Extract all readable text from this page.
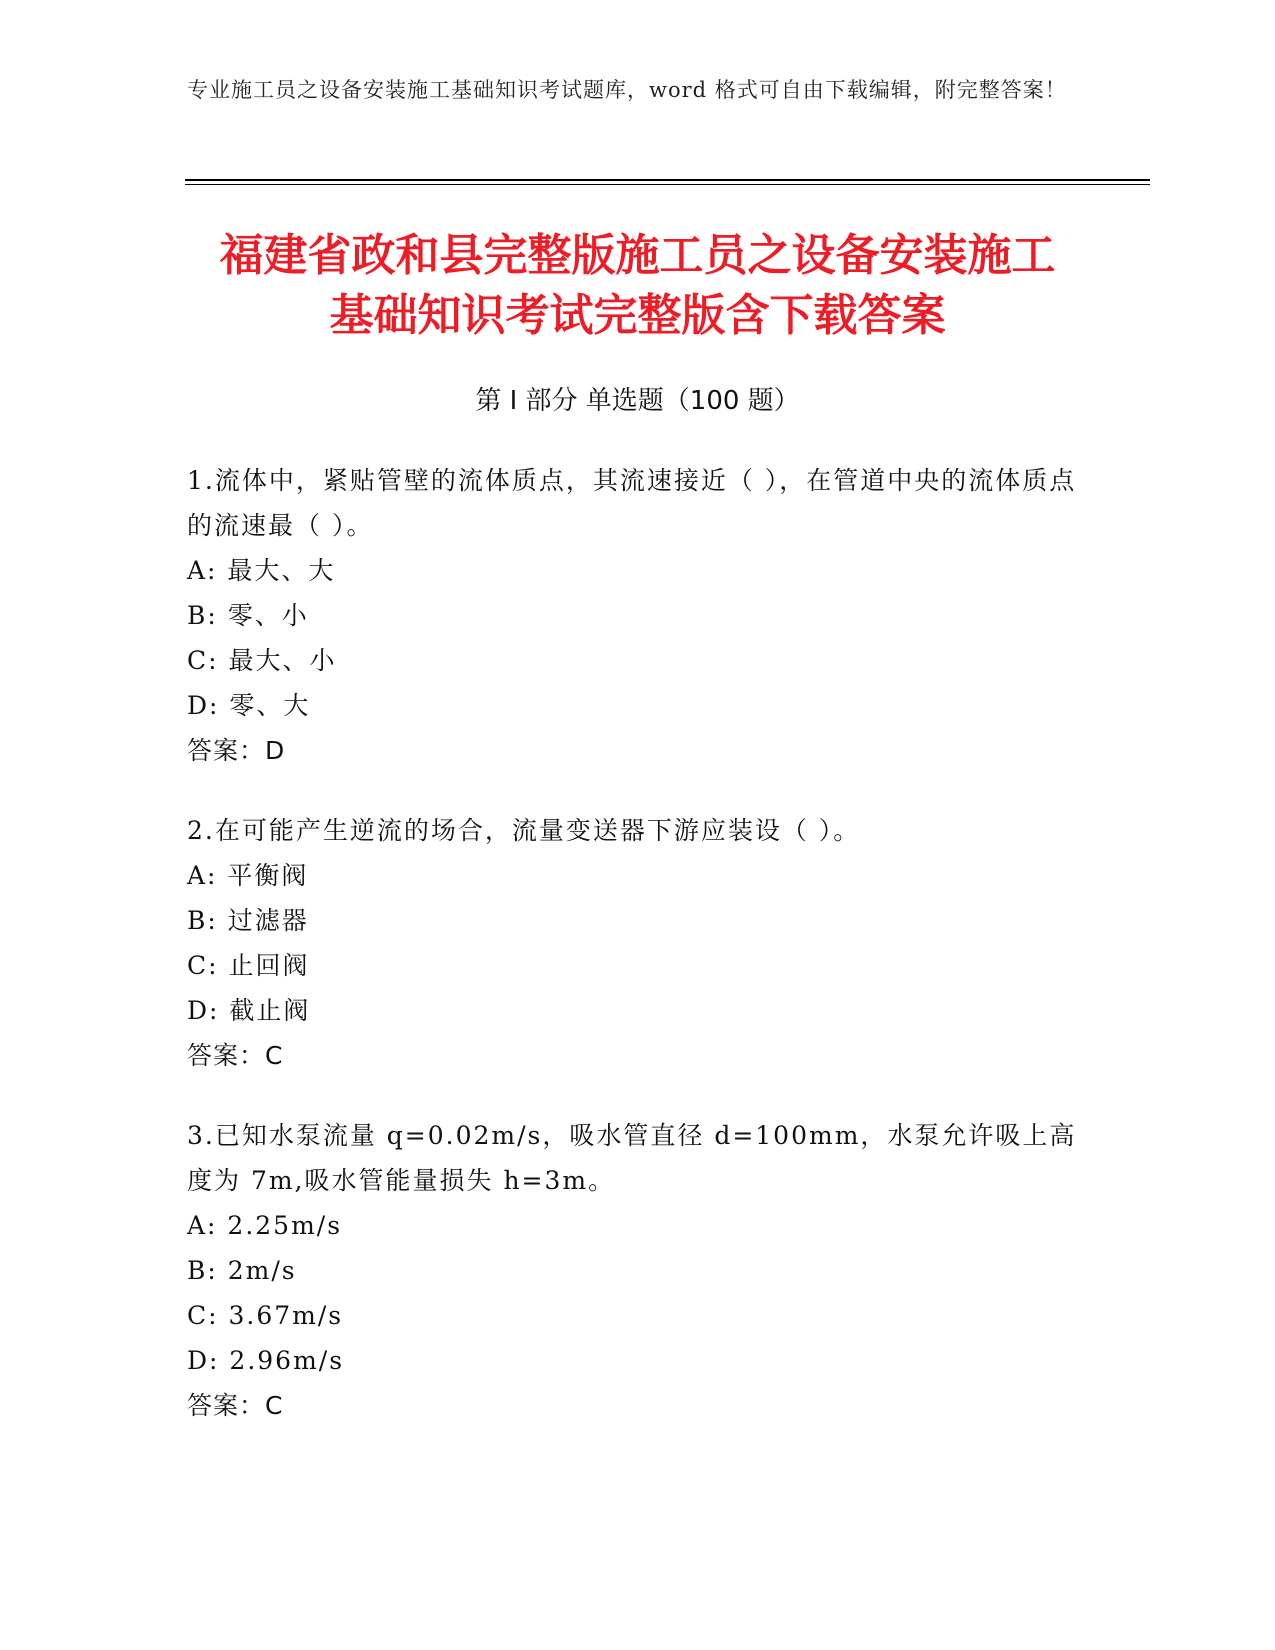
专业施工员之设备安装施工基础知识考试题库，word 格式可自由下载编辑，附完整答案！
福建省政和县完整版施工员之设备安装施工
基础知识考试完整版含下载答案
第 I 部分 单选题（100 题）

1.流体中，紧贴管壁的流体质点，其流速接近（ ），在管道中央的流体质点的流速最（ ）。

A: 最大、大

B: 零、小

C: 最大、小

D: 零、大

答案：D

2.在可能产生逆流的场合，流量变送器下游应装设（ ）。

A: 平衡阀

B: 过滤器

C: 止回阀

D: 截止阀

答案：C

3.已知水泵流量 q=0.02m/s，吸水管直径 d=100mm，水泵允许吸上高度为 7m,吸水管能量损失 h=3m。

A: 2.25m/s

B: 2m/s

C: 3.67m/s

D: 2.96m/s

答案：C
